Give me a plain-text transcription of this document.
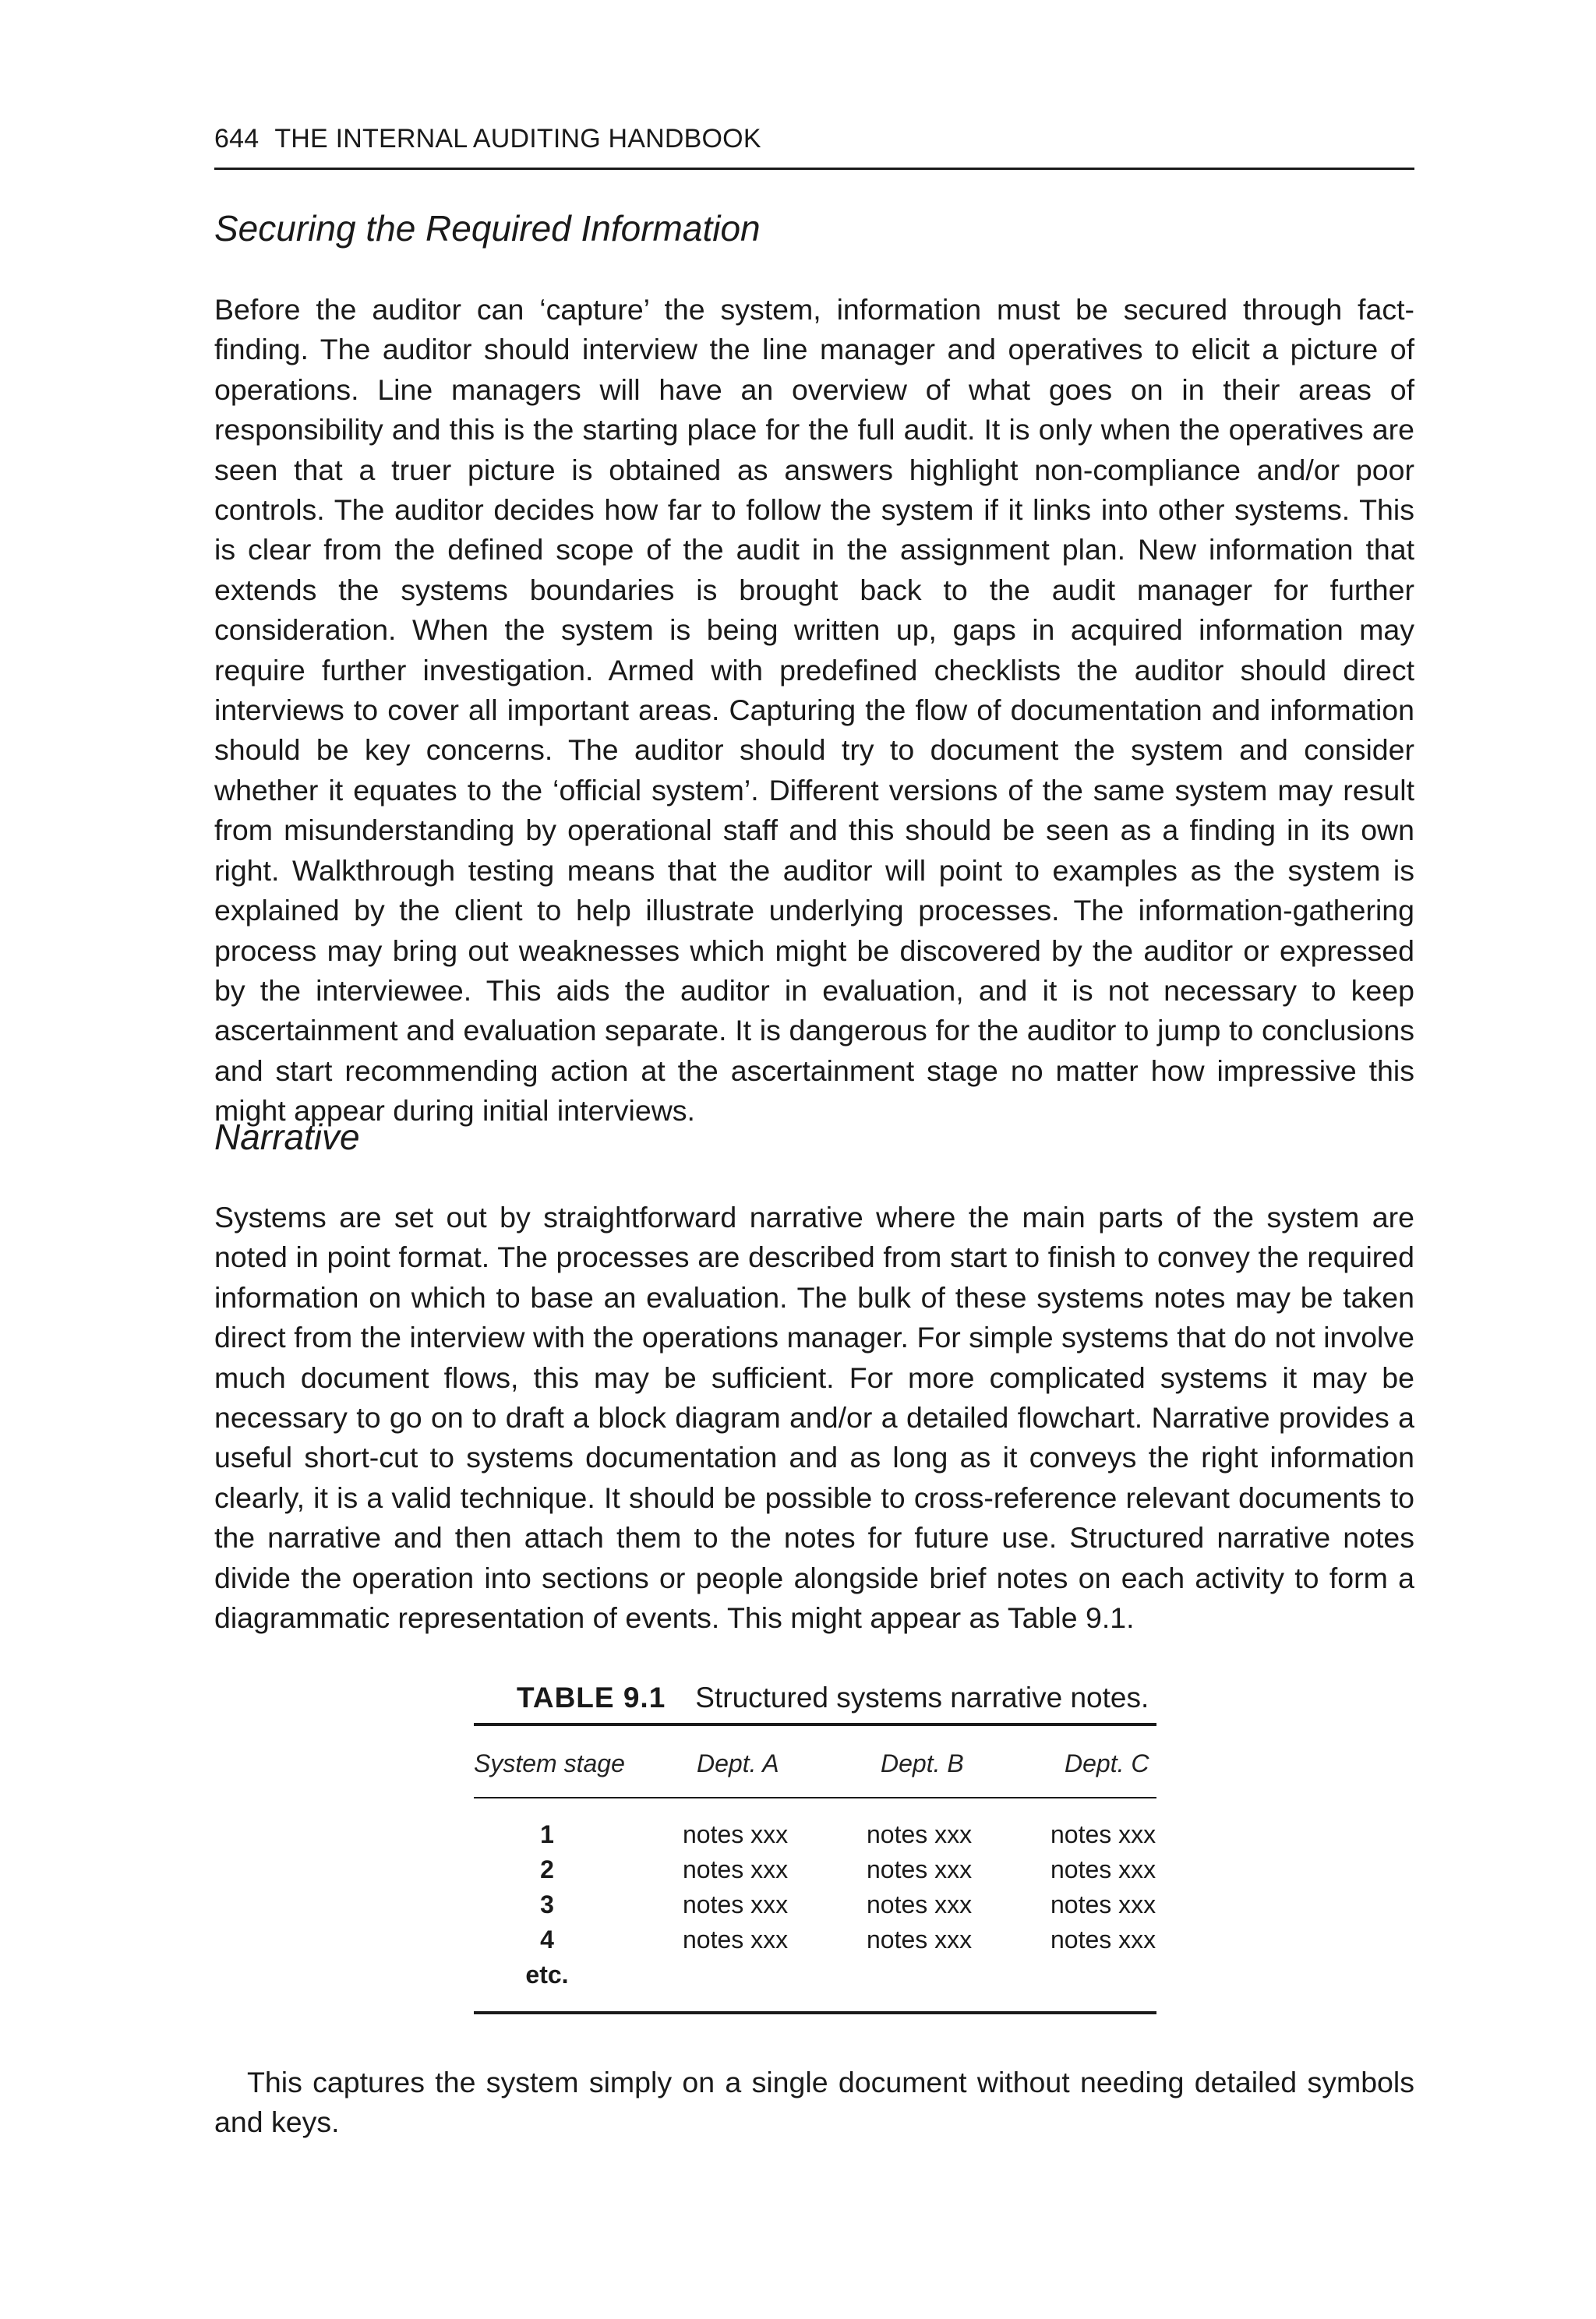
644 THE INTERNAL AUDITING HANDBOOK
Securing the Required Information

Before the auditor can ‘capture’ the system, information must be secured through fact-finding. The auditor should interview the line manager and operatives to elicit a picture of operations. Line managers will have an overview of what goes on in their areas of responsibility and this is the starting place for the full audit. It is only when the operatives are seen that a truer picture is obtained as answers highlight non-compliance and/or poor controls. The auditor decides how far to follow the system if it links into other systems. This is clear from the defined scope of the audit in the assignment plan. New information that extends the systems boundaries is brought back to the audit manager for further consideration. When the system is being written up, gaps in acquired information may require further investigation. Armed with predefined checklists the auditor should direct interviews to cover all important areas. Capturing the flow of documentation and information should be key concerns. The auditor should try to document the system and consider whether it equates to the ‘official system’. Different versions of the same system may result from misunderstanding by operational staff and this should be seen as a finding in its own right. Walkthrough testing means that the auditor will point to examples as the system is explained by the client to help illustrate underlying processes. The information-gathering process may bring out weaknesses which might be discovered by the auditor or expressed by the interviewee. This aids the auditor in evaluation, and it is not necessary to keep ascertainment and evaluation separate. It is dangerous for the auditor to jump to conclusions and start recommending action at the ascertainment stage no matter how impressive this might appear during initial interviews.

Narrative

Systems are set out by straightforward narrative where the main parts of the system are noted in point format. The processes are described from start to finish to convey the required information on which to base an evaluation. The bulk of these systems notes may be taken direct from the interview with the operations manager. For simple systems that do not involve much document flows, this may be sufficient. For more complicated systems it may be necessary to go on to draft a block diagram and/or a detailed flowchart. Narrative provides a useful short-cut to systems documentation and as long as it conveys the right information clearly, it is a valid technique. It should be possible to cross-reference relevant documents to the narrative and then attach them to the notes for future use. Structured narrative notes divide the operation into sections or people alongside brief notes on each activity to form a diagrammatic representation of events. This might appear as Table 9.1.

TABLE 9.1 Structured systems narrative notes.
System stage	Dept. A	Dept. B	Dept. C
1	notes xxx	notes xxx	notes xxx
2	notes xxx	notes xxx	notes xxx
3	notes xxx	notes xxx	notes xxx
4	notes xxx	notes xxx	notes xxx
etc.

This captures the system simply on a single document without needing detailed symbols and keys.
